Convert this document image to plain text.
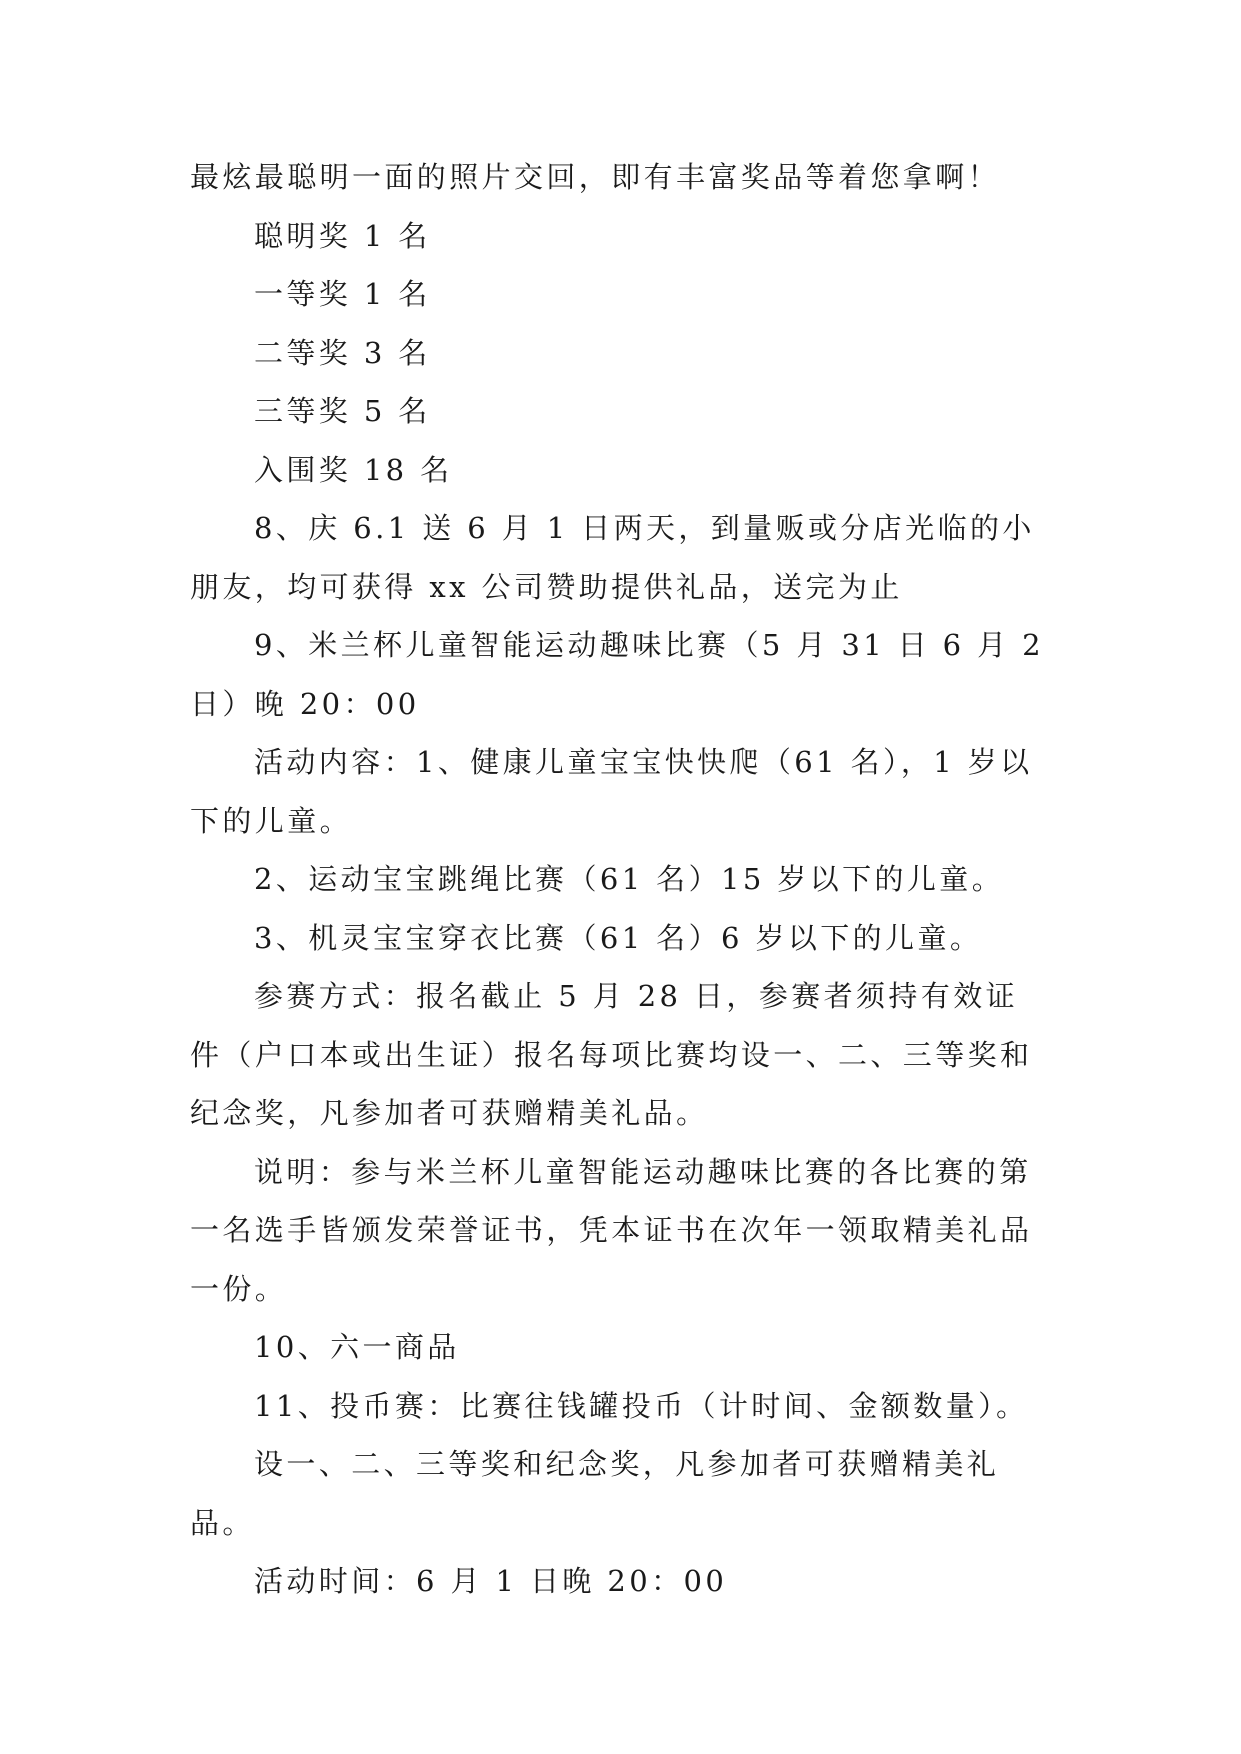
最炫最聪明一面的照片交回，即有丰富奖品等着您拿啊！

聪明奖 1 名

一等奖 1 名

二等奖 3 名

三等奖 5 名

入围奖 18 名

8、庆 6.1 送 6 月 1 日两天，到量贩或分店光临的小朋友，均可获得 xx 公司赞助提供礼品，送完为止

9、米兰杯儿童智能运动趣味比赛（5 月 31 日 6 月 2 日）晚 20：00

活动内容：1、健康儿童宝宝快快爬（61 名），1 岁以下的儿童。

2、运动宝宝跳绳比赛（61 名）15 岁以下的儿童。

3、机灵宝宝穿衣比赛（61 名）6 岁以下的儿童。

参赛方式：报名截止 5 月 28 日，参赛者须持有效证件（户口本或出生证）报名每项比赛均设一、二、三等奖和纪念奖，凡参加者可获赠精美礼品。

说明：参与米兰杯儿童智能运动趣味比赛的各比赛的第一名选手皆颁发荣誉证书，凭本证书在次年一领取精美礼品一份。

10、六一商品

11、投币赛：比赛往钱罐投币（计时间、金额数量）。

设一、二、三等奖和纪念奖，凡参加者可获赠精美礼品。

活动时间：6 月 1 日晚 20：00
